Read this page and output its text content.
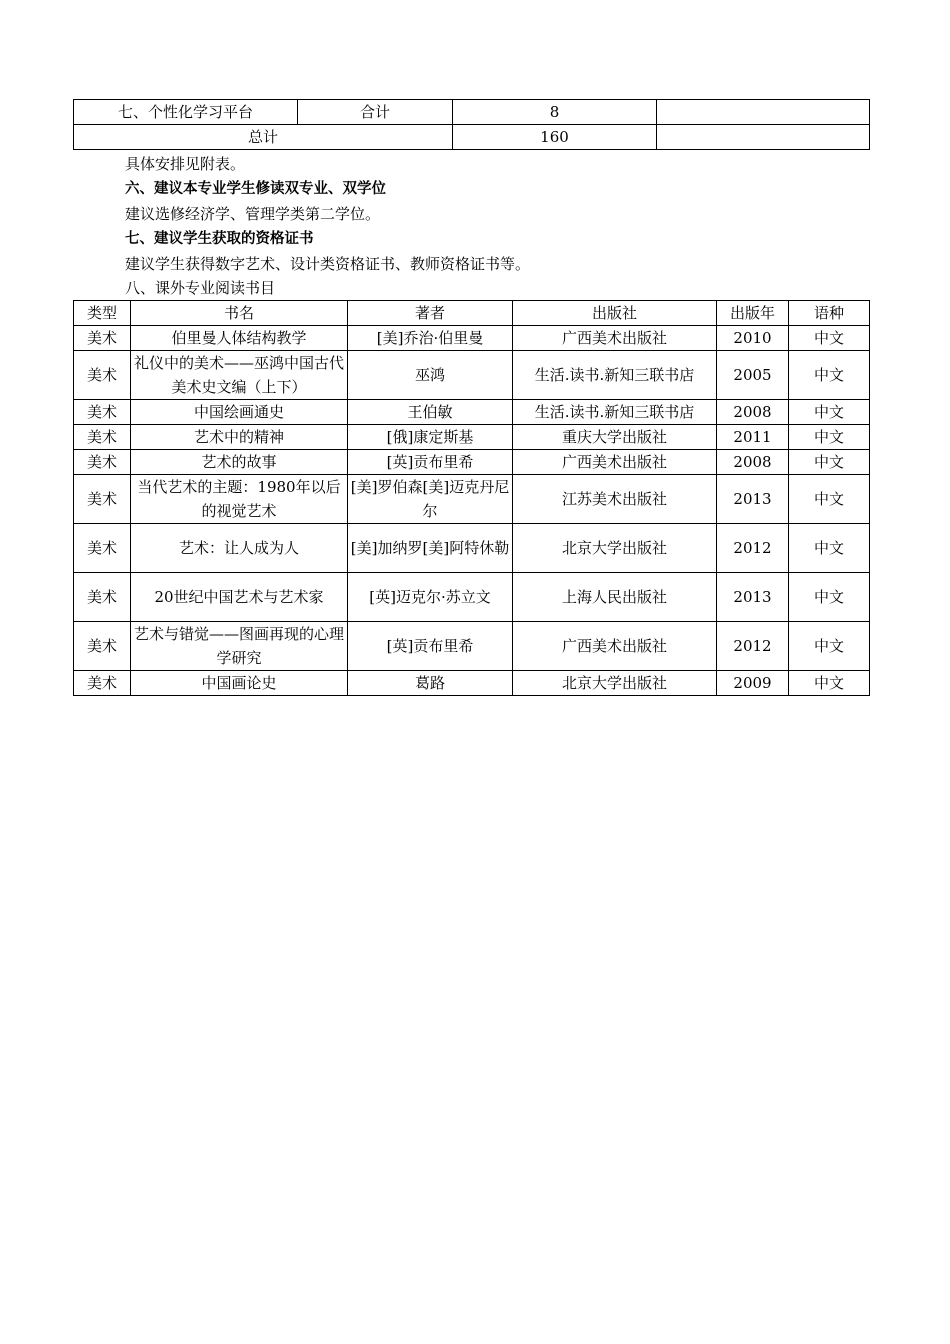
七、个性化学习平台	合计	8	
总计		160	
具体安排见附表。
六、建议本专业学生修读双专业、双学位
建议选修经济学、管理学类第二学位。
七、建议学生获取的资格证书
建议学生获得数字艺术、设计类资格证书、教师资格证书等。
八、课外专业阅读书目
类型	书名	著者	出版社	出版年	语种
美术	伯里曼人体结构教学	[美]乔治·伯里曼	广西美术出版社	2010	中文
美术	礼仪中的美术——巫鸿中国古代美术史文编（上下）	巫鸿	生活.读书.新知三联书店	2005	中文
美术	中国绘画通史	王伯敏	生活.读书.新知三联书店	2008	中文
美术	艺术中的精神	[俄]康定斯基	重庆大学出版社	2011	中文
美术	艺术的故事	[英]贡布里希	广西美术出版社	2008	中文
美术	当代艺术的主题：1980年以后的视觉艺术	[美]罗伯森[美]迈克丹尼尔	江苏美术出版社	2013	中文
美术	艺术：让人成为人	[美]加纳罗[美]阿特休勒	北京大学出版社	2012	中文
美术	20世纪中国艺术与艺术家	[英]迈克尔·苏立文	上海人民出版社	2013	中文
美术	艺术与错觉——图画再现的心理学研究	[英]贡布里希	广西美术出版社	2012	中文
美术	中国画论史	葛路	北京大学出版社	2009	中文
